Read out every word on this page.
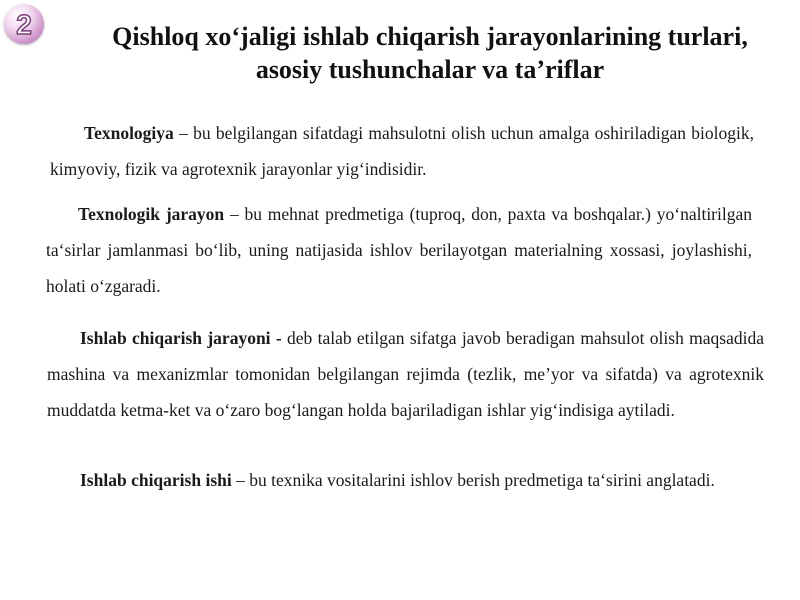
2	Qishloq xo‘jaligi ishlab chiqarish jarayonlarining turlari,
asosiy tushunchalar va ta’riflar

Texnologiya – bu belgilangan sifatdagi mahsulotni olish uchun amalga oshiriladigan biologik, kimyoviy, fizik va agrotexnik jarayonlar yig‘indisidir.

Texnologik jarayon – bu mehnat predmetiga (tuproq, don, paxta va boshqalar.) yo‘naltirilgan ta‘sirlar jamlanmasi bo‘lib, uning natijasida ishlov berilayotgan materialning xossasi, joylashishi, holati o‘zgaradi.

Ishlab chiqarish jarayoni - deb talab etilgan sifatga javob beradigan mahsulot olish maqsadida mashina va mexanizmlar tomonidan belgilangan rejimda (tezlik, me’yor va sifatda) va agrotexnik muddatda ketma-ket va o‘zaro bog‘langan holda bajariladigan ishlar yig‘indisiga aytiladi.

Ishlab chiqarish ishi – bu texnika vositalarini ishlov berish predmetiga ta‘sirini anglatadi.
